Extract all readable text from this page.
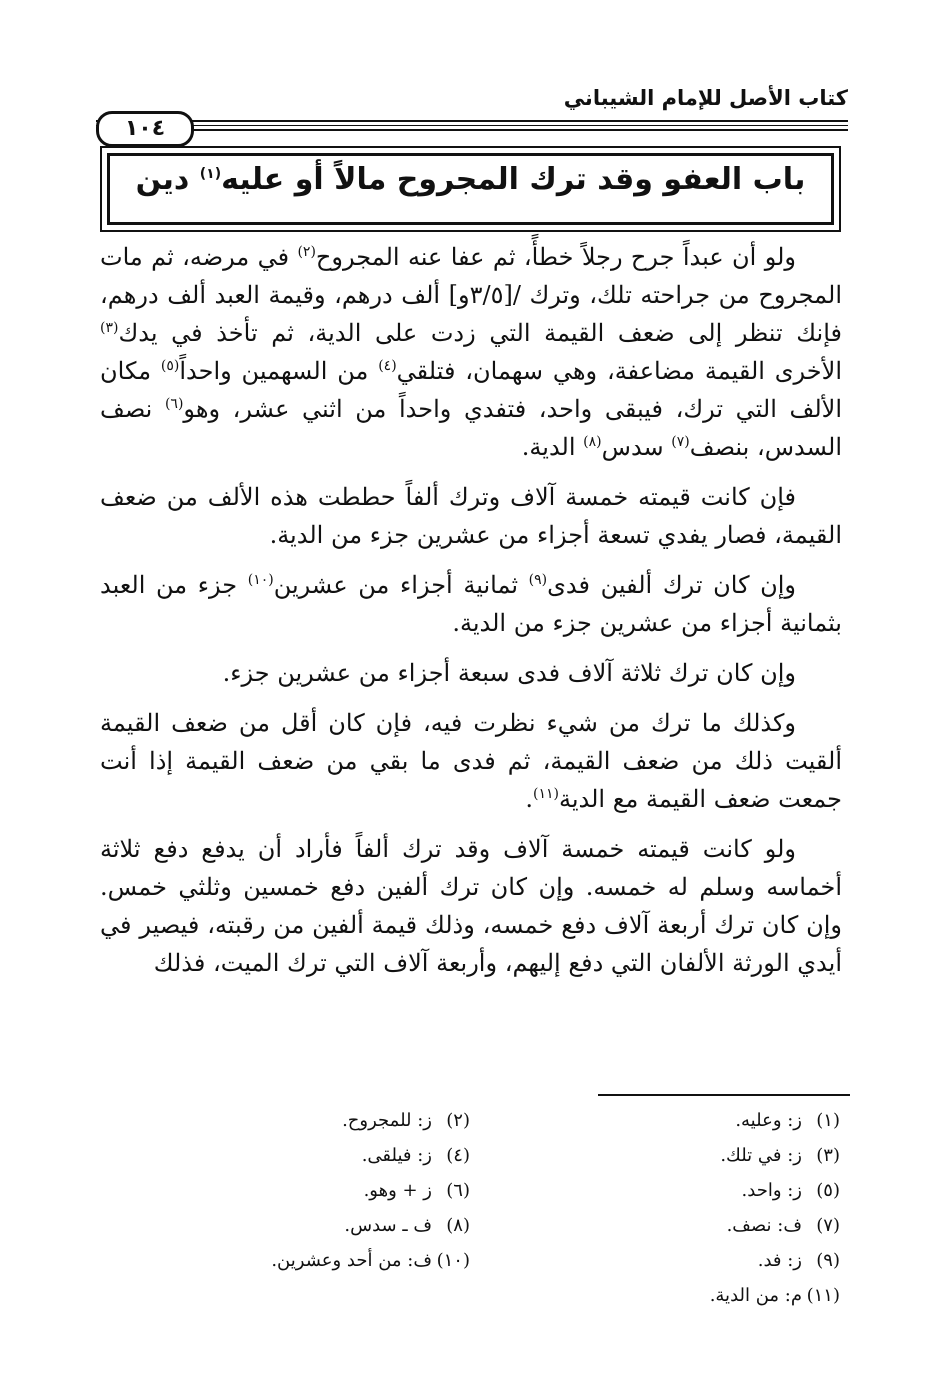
كتاب الأصل للإمام الشيباني
١٠٤
باب العفو وقد ترك المجروح مالاً أو عليه$^{(١)}$ دين

ولو أن عبداً جرح رجلاً خطأً، ثم عفا عنه المجروح$^{(٢)}$ في مرضه، ثم مات المجروح من جراحته تلك، وترك /[٣/٥و] ألف درهم، وقيمة العبد ألف درهم، فإنك تنظر إلى ضعف القيمة التي زدت على الدية، ثم تأخذ في يدك$^{(٣)}$ الأخرى القيمة مضاعفة، وهي سهمان، فتلقي$^{(٤)}$ من السهمين واحداً$^{(٥)}$ مكان الألف التي ترك، فيبقى واحد، فتفدي واحداً من اثني عشر، وهو$^{(٦)}$ نصف السدس، بنصف$^{(٧)}$ سدس$^{(٨)}$ الدية.

فإن كانت قيمته خمسة آلاف وترك ألفاً حططت هذه الألف من ضعف القيمة، فصار يفدي تسعة أجزاء من عشرين جزء من الدية.

وإن كان ترك ألفين فدى$^{(٩)}$ ثمانية أجزاء من عشرين$^{(١٠)}$ جزء من العبد بثمانية أجزاء من عشرين جزء من الدية.

وإن كان ترك ثلاثة آلاف فدى سبعة أجزاء من عشرين جزء.

وكذلك ما ترك من شيء نظرت فيه، فإن كان أقل من ضعف القيمة ألقيت ذلك من ضعف القيمة، ثم فدى ما بقي من ضعف القيمة إذا أنت جمعت ضعف القيمة مع الدية$^{(١١)}$.

ولو كانت قيمته خمسة آلاف وقد ترك ألفاً فأراد أن يدفع دفع ثلاثة أخماسه وسلم له خمسه. وإن كان ترك ألفين دفع خمسين وثلثي خمس. وإن كان ترك أربعة آلاف دفع خمسه، وذلك قيمة ألفين من رقبته، فيصير في أيدي الورثة الألفان التي دفع إليهم، وأربعة آلاف التي ترك الميت، فذلك

(١)ز: وعليه.
(٢)ز: للمجروح.
(٣)ز: في تلك.
(٤)ز: فيلقى.
(٥)ز: واحد.
(٦)ز + وهو.
(٧)ف: نصف.
(٨)ف ـ سدس.
(٩)ز: فد.
(١٠)ف: من أحد وعشرين.
(١١)م: من الدية.
